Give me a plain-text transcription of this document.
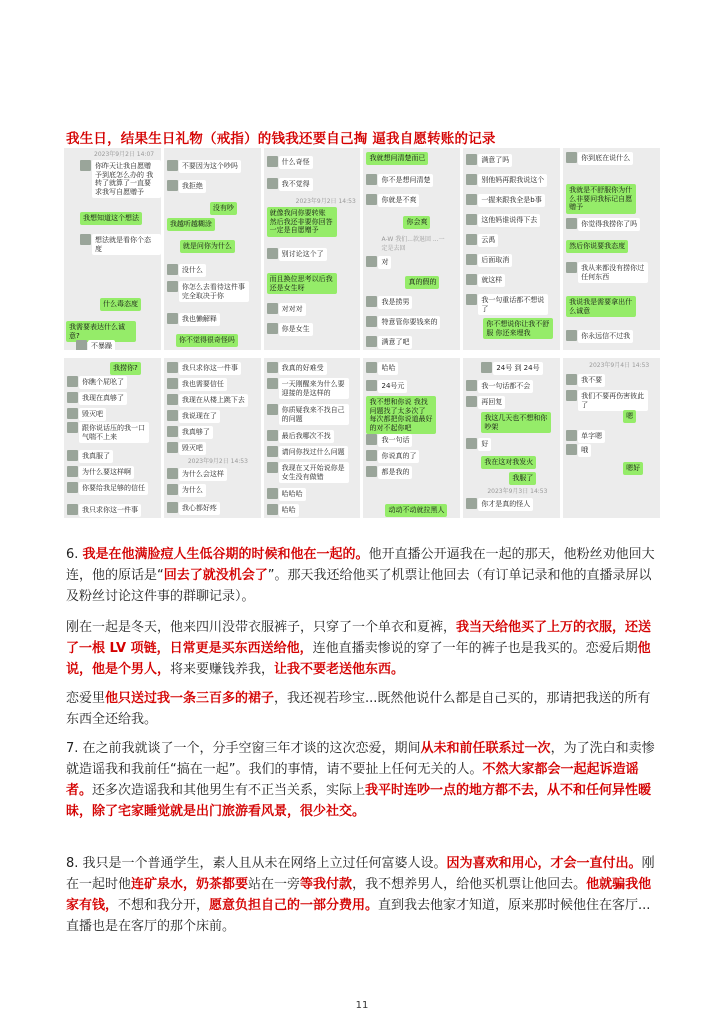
我生日，结果生日礼物（戒指）的钱我还要自己掏 逼我自愿转账的记录
2023年9月2日 14:07
你昨天让我自愿赠予到底怎么办的 我转了就算了一直要求我写自愿赠予
我想知道这个想法
想法就是看你个态度
什么毒态度
我需要表达什么诚意?
不暴躁
不要因为这个吵吗
我拒绝
没有吵
我越听越糊涂
就是问你为什么
没什么
你怎么去看待这件事完全取决于你
我也懒解释
你不觉得很奇怪吗
什么奇怪
我不觉得
2023年9月2日 14:53
就像我问你要转账 然后我还非要你回答一定是自愿赠予
别讨论这个了
而且换位思考以后我还是女生呀
对对对
你是女生
我就想问清楚而已
你不是想问清楚
你就是不爽
你会爽
A-W 我们...款退回 ...一定是去回
对
真的假的
我是捞男
特意管你要钱来的
满意了吧
满意了吗
别他妈再跟我说这个
一握来跟我全是b事
这他妈谁说得下去
云禹
后面取消
就这样
我一句重话都不想说了
你不想说你让我不舒服 你还来埋我
你到底在说什么
我就是不舒服你为什么非要问我标记自愿赠予
你觉得我捞你了吗
然后你说要我态度
我从来都没有捞你过任何东西
我说我是需要拿出什么诚意
你永远信不过我
我捞你?
你瞧个屁吆了
我现在真够了
毁灭吧
跟你说话压的我一口气喘不上来
我真服了
为什么要这样啊
你要给我足够的信任
我只求你这一件事
我只求你这一件事
我也需要信任
我现在从楼上跳下去
我说现在了
我真够了
毁灭吧
2023年9月2日 14:53
为什么会这样
为什么
我心都好疼
我真的好难受
一天刚醒来为什么要迎接的是这样的
你质疑我来不找自己的问题
最后我哪次不找
请问你找过什么问题
我现在又开始说你是女生没有做错
哈哈哈
哈哈
哈哈
24号元
我不想和你说 我找问题找了太多次了 每次都把你说道最好的对不起你吧
我一句话
你说真的了
都是我的
动动不动就拉黑人
24号 到 24号
我一句话都不会
再回复
我这几天也不想和你吵架
好
我在这对我发火
我服了
2023年9月3日 14:53
你才是真的怪人
2023年9月4日 14:53
我不要
我们不要再伤害彼此了
嗯
单字嗯
哦
嗯好

6. 我是在他满脸痘人生低谷期的时候和他在一起的。他开直播公开逼我在一起的那天，他粉丝劝他回大连，他的原话是“回去了就没机会了”。那天我还给他买了机票让他回去（有订单记录和他的直播录屏以及粉丝讨论这件事的群聊记录）。

刚在一起是冬天，他来四川没带衣服裤子，只穿了一个单衣和夏裤，我当天给他买了上万的衣服，还送了一根 LV 项链，日常更是买东西送给他，连他直播卖惨说的穿了一年的裤子也是我买的。恋爱后期他说，他是个男人，将来要赚钱养我，让我不要老送他东西。

恋爱里他只送过我一条三百多的裙子，我还视若珍宝...既然他说什么都是自己买的，那请把我送的所有东西全还给我。

7. 在之前我就谈了一个，分手空窗三年才谈的这次恋爱，期间从未和前任联系过一次，为了洗白和卖惨就造谣我和我前任“搞在一起”。我们的事情，请不要扯上任何无关的人。不然大家都会一起起诉造谣者。还多次造谣我和其他男生有不正当关系，实际上我平时连吵一点的地方都不去，从不和任何异性暧昧，除了宅家睡觉就是出门旅游看风景，很少社交。

8. 我只是一个普通学生，素人且从未在网络上立过任何富婆人设。因为喜欢和用心，才会一直付出。刚在一起时他连矿泉水，奶茶都要站在一旁等我付款，我不想养男人，给他买机票让他回去。他就骗我他家有钱，不想和我分开，愿意负担自己的一部分费用。直到我去他家才知道，原来那时候他住在客厅...直播也是在客厅的那个床前。

11
